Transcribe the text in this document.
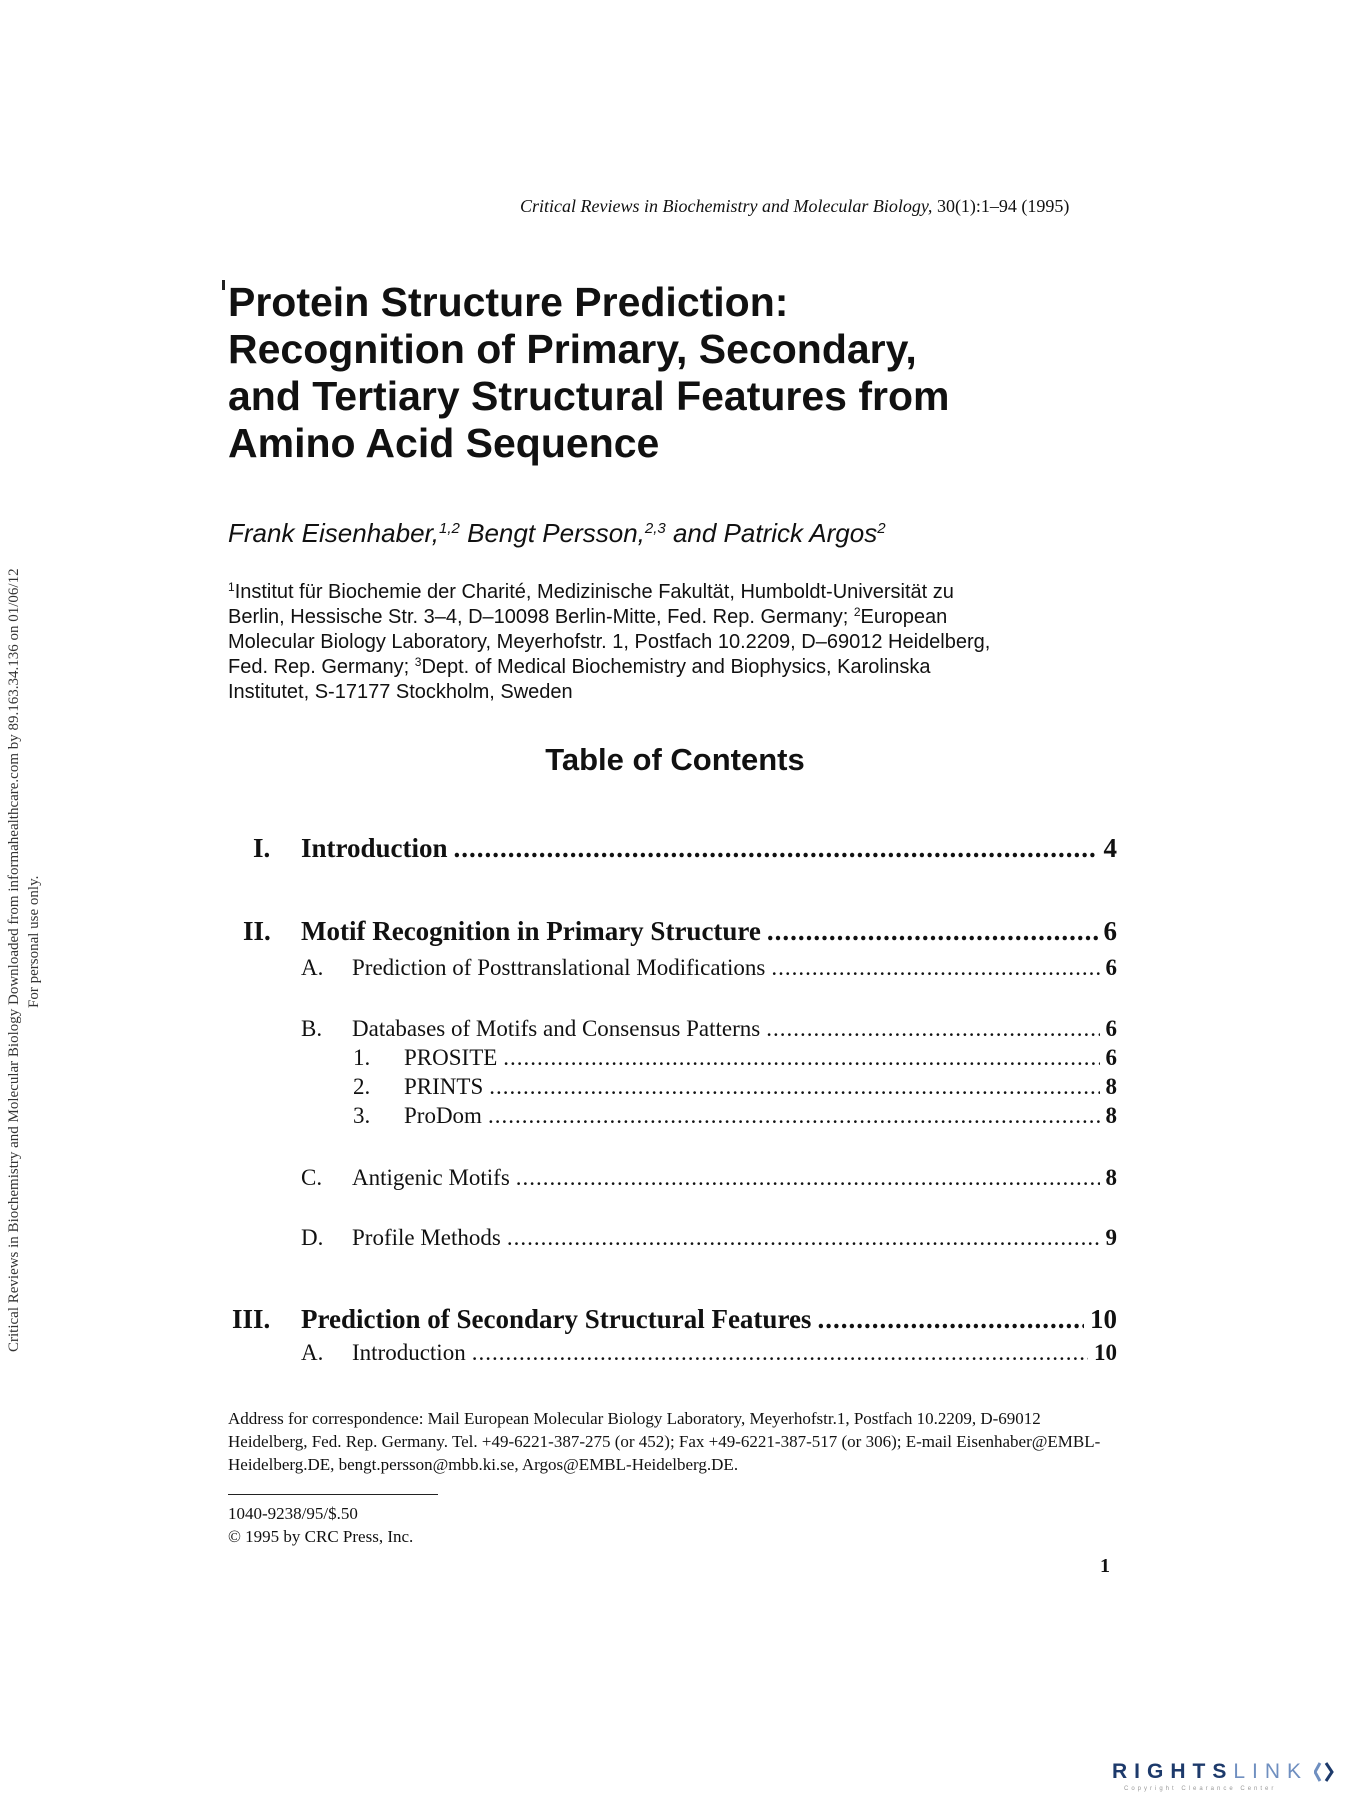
Critical Reviews in Biochemistry and Molecular Biology Downloaded from informahealthcare.com by 89.163.34.136 on 01/06/12 For personal use only.
Critical Reviews in Biochemistry and Molecular Biology, 30(1):1–94 (1995)
Protein Structure Prediction:
Recognition of Primary, Secondary,
and Tertiary Structural Features from
Amino Acid Sequence
Frank Eisenhaber,$^{1,2}$ Bengt Persson,$^{2,3}$ and Patrick Argos$^2$
$^1$Institut für Biochemie der Charité, Medizinische Fakultät, Humboldt-Universität zu Berlin, Hessische Str. 3–4, D–10098 Berlin-Mitte, Fed. Rep. Germany; $^2$European Molecular Biology Laboratory, Meyerhofstr. 1, Postfach 10.2209, D–69012 Heidelberg, Fed. Rep. Germany; $^3$Dept. of Medical Biochemistry and Biophysics, Karolinska Institutet, S-17177 Stockholm, Sweden
Table of Contents
I.	Introduction .....	4
II.	Motif Recognition in Primary Structure .....	6
A.	Prediction of Posttranslational Modifications .....	6
B.	Databases of Motifs and Consensus Patterns .....	6
1.	PROSITE .....	6
2.	PRINTS .....	8
3.	ProDom .....	8
C.	Antigenic Motifs .....	8
D.	Profile Methods .....	9
III.	Prediction of Secondary Structural Features .....	10
A.	Introduction .....	10
Address for correspondence: Mail European Molecular Biology Laboratory, Meyerhofstr.1, Postfach 10.2209, D-69012 Heidelberg, Fed. Rep. Germany. Tel. +49-6221-387-275 (or 452); Fax +49-6221-387-517 (or 306); E-mail Eisenhaber@EMBL-Heidelberg.DE, bengt.persson@mbb.ki.se, Argos@EMBL-Heidelberg.DE.
1040-9238/95/$.50
© 1995 by CRC Press, Inc.
1
RIGHTSLINK
Copyright Clearance Center
